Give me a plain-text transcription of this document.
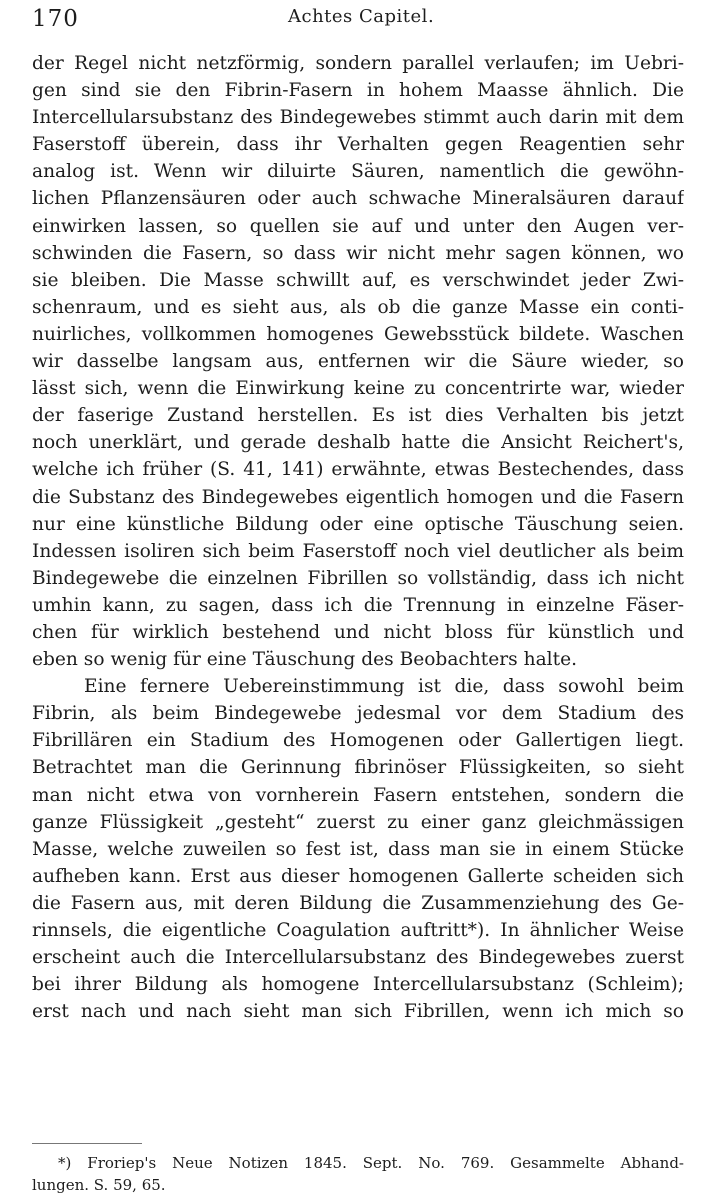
170	Achtes Capitel.
der Regel nicht netzförmig, sondern parallel verlaufen; im Uebri-
gen sind sie den Fibrin-Fasern in hohem Maasse ähnlich. Die
Intercellularsubstanz des Bindegewebes stimmt auch darin mit dem
Faserstoff überein, dass ihr Verhalten gegen Reagentien sehr
analog ist. Wenn wir diluirte Säuren, namentlich die gewöhn-
lichen Pflanzensäuren oder auch schwache Mineralsäuren darauf
einwirken lassen, so quellen sie auf und unter den Augen ver-
schwinden die Fasern, so dass wir nicht mehr sagen können, wo
sie bleiben. Die Masse schwillt auf, es verschwindet jeder Zwi-
schenraum, und es sieht aus, als ob die ganze Masse ein conti-
nuirliches, vollkommen homogenes Gewebsstück bildete. Waschen
wir dasselbe langsam aus, entfernen wir die Säure wieder, so
lässt sich, wenn die Einwirkung keine zu concentrirte war, wieder
der faserige Zustand herstellen. Es ist dies Verhalten bis jetzt
noch unerklärt, und gerade deshalb hatte die Ansicht Reichert's,
welche ich früher (S. 41, 141) erwähnte, etwas Bestechendes, dass
die Substanz des Bindegewebes eigentlich homogen und die Fasern
nur eine künstliche Bildung oder eine optische Täuschung seien.
Indessen isoliren sich beim Faserstoff noch viel deutlicher als beim
Bindegewebe die einzelnen Fibrillen so vollständig, dass ich nicht
umhin kann, zu sagen, dass ich die Trennung in einzelne Fäser-
chen für wirklich bestehend und nicht bloss für künstlich und
eben so wenig für eine Täuschung des Beobachters halte.
Eine fernere Uebereinstimmung ist die, dass sowohl beim
Fibrin, als beim Bindegewebe jedesmal vor dem Stadium des
Fibrillären ein Stadium des Homogenen oder Gallertigen liegt.
Betrachtet man die Gerinnung fibrinöser Flüssigkeiten, so sieht
man nicht etwa von vornherein Fasern entstehen, sondern die
ganze Flüssigkeit „gesteht“ zuerst zu einer ganz gleichmässigen
Masse, welche zuweilen so fest ist, dass man sie in einem Stücke
aufheben kann. Erst aus dieser homogenen Gallerte scheiden sich
die Fasern aus, mit deren Bildung die Zusammenziehung des Ge-
rinnsels, die eigentliche Coagulation auftritt*). In ähnlicher Weise
erscheint auch die Intercellularsubstanz des Bindegewebes zuerst
bei ihrer Bildung als homogene Intercellularsubstanz (Schleim);
erst nach und nach sieht man sich Fibrillen, wenn ich mich so
*) Froriep's Neue Notizen 1845. Sept. No. 769. Gesammelte Abhand-
lungen. S. 59, 65.
